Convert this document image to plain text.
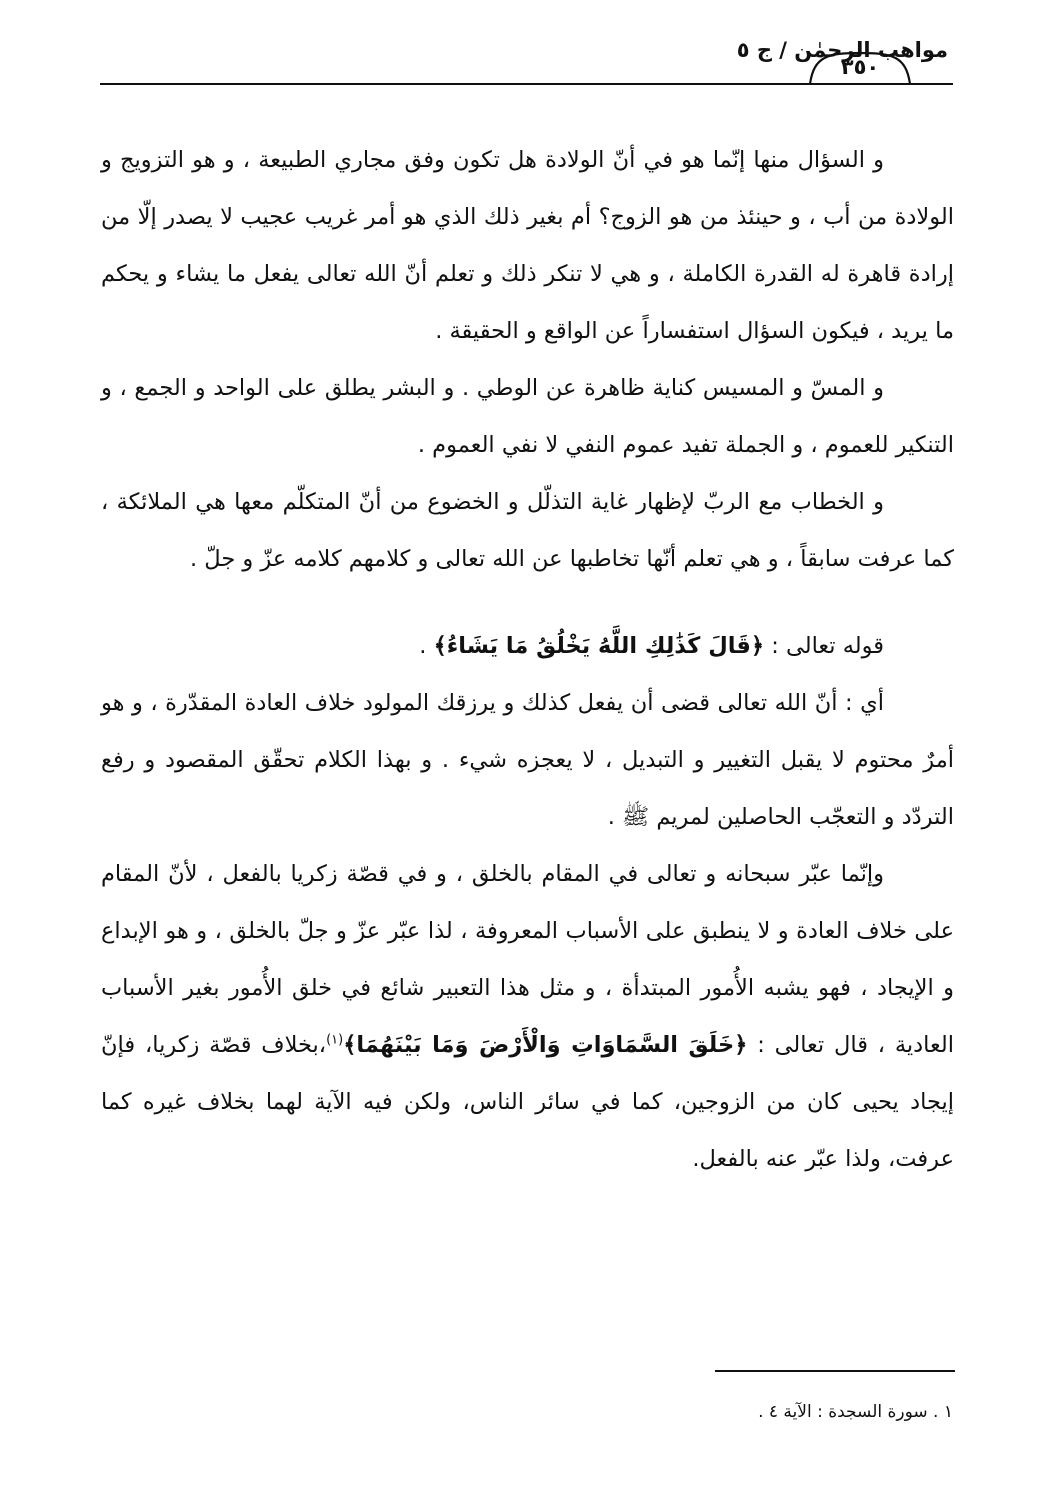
مواهب الرحمٰن / ج ٥
٣٥٠

و السؤال منها إنّما هو في أنّ الولادة هل تكون وفق مجاري الطبيعة ، و هو التزويج و الولادة من أب ، و حينئذ من هو الزوج؟ أم بغير ذلك الذي هو أمر غريب عجيب لا يصدر إلّا من إرادة قاهرة له القدرة الكاملة ، و هي لا تنكر ذلك و تعلم أنّ الله تعالى يفعل ما يشاء و يحكم ما يريد ، فيكون السؤال استفساراً عن الواقع و الحقيقة .

و المسّ و المسيس كناية ظاهرة عن الوطي . و البشر يطلق على الواحد و الجمع ، و التنكير للعموم ، و الجملة تفيد عموم النفي لا نفي العموم .

و الخطاب مع الربّ لإظهار غاية التذلّل و الخضوع من أنّ المتكلّم معها هي الملائكة ، كما عرفت سابقاً ، و هي تعلم أنّها تخاطبها عن الله تعالى و كلامهم كلامه عزّ و جلّ .

قوله تعالى : ﴿قَالَ كَذَٰلِكِ اللَّهُ يَخْلُقُ مَا يَشَاءُ﴾ .

أي : أنّ الله تعالى قضى أن يفعل كذلك و يرزقك المولود خلاف العادة المقدّرة ، و هو أمرٌ محتوم لا يقبل التغيير و التبديل ، لا يعجزه شيء . و بهذا الكلام تحقّق المقصود و رفع التردّد و التعجّب الحاصلين لمريم ﷺ .

وإنّما عبّر سبحانه و تعالى في المقام بالخلق ، و في قصّة زكريا بالفعل ، لأنّ المقام على خلاف العادة و لا ينطبق على الأسباب المعروفة ، لذا عبّر عزّ و جلّ بالخلق ، و هو الإبداع و الإيجاد ، فهو يشبه الأُمور المبتدأة ، و مثل هذا التعبير شائع في خلق الأُمور بغير الأسباب العادية ، قال تعالى : ﴿خَلَقَ السَّمَاوَاتِ وَالْأَرْضَ وَمَا بَيْنَهُمَا﴾$^{(١)}$،بخلاف قصّة زكريا، فإنّ إيجاد يحيى كان من الزوجين، كما في سائر الناس، ولكن فيه الآية لهما بخلاف غيره كما عرفت، ولذا عبّر عنه بالفعل.

١ . سورة السجدة : الآية ٤ .
